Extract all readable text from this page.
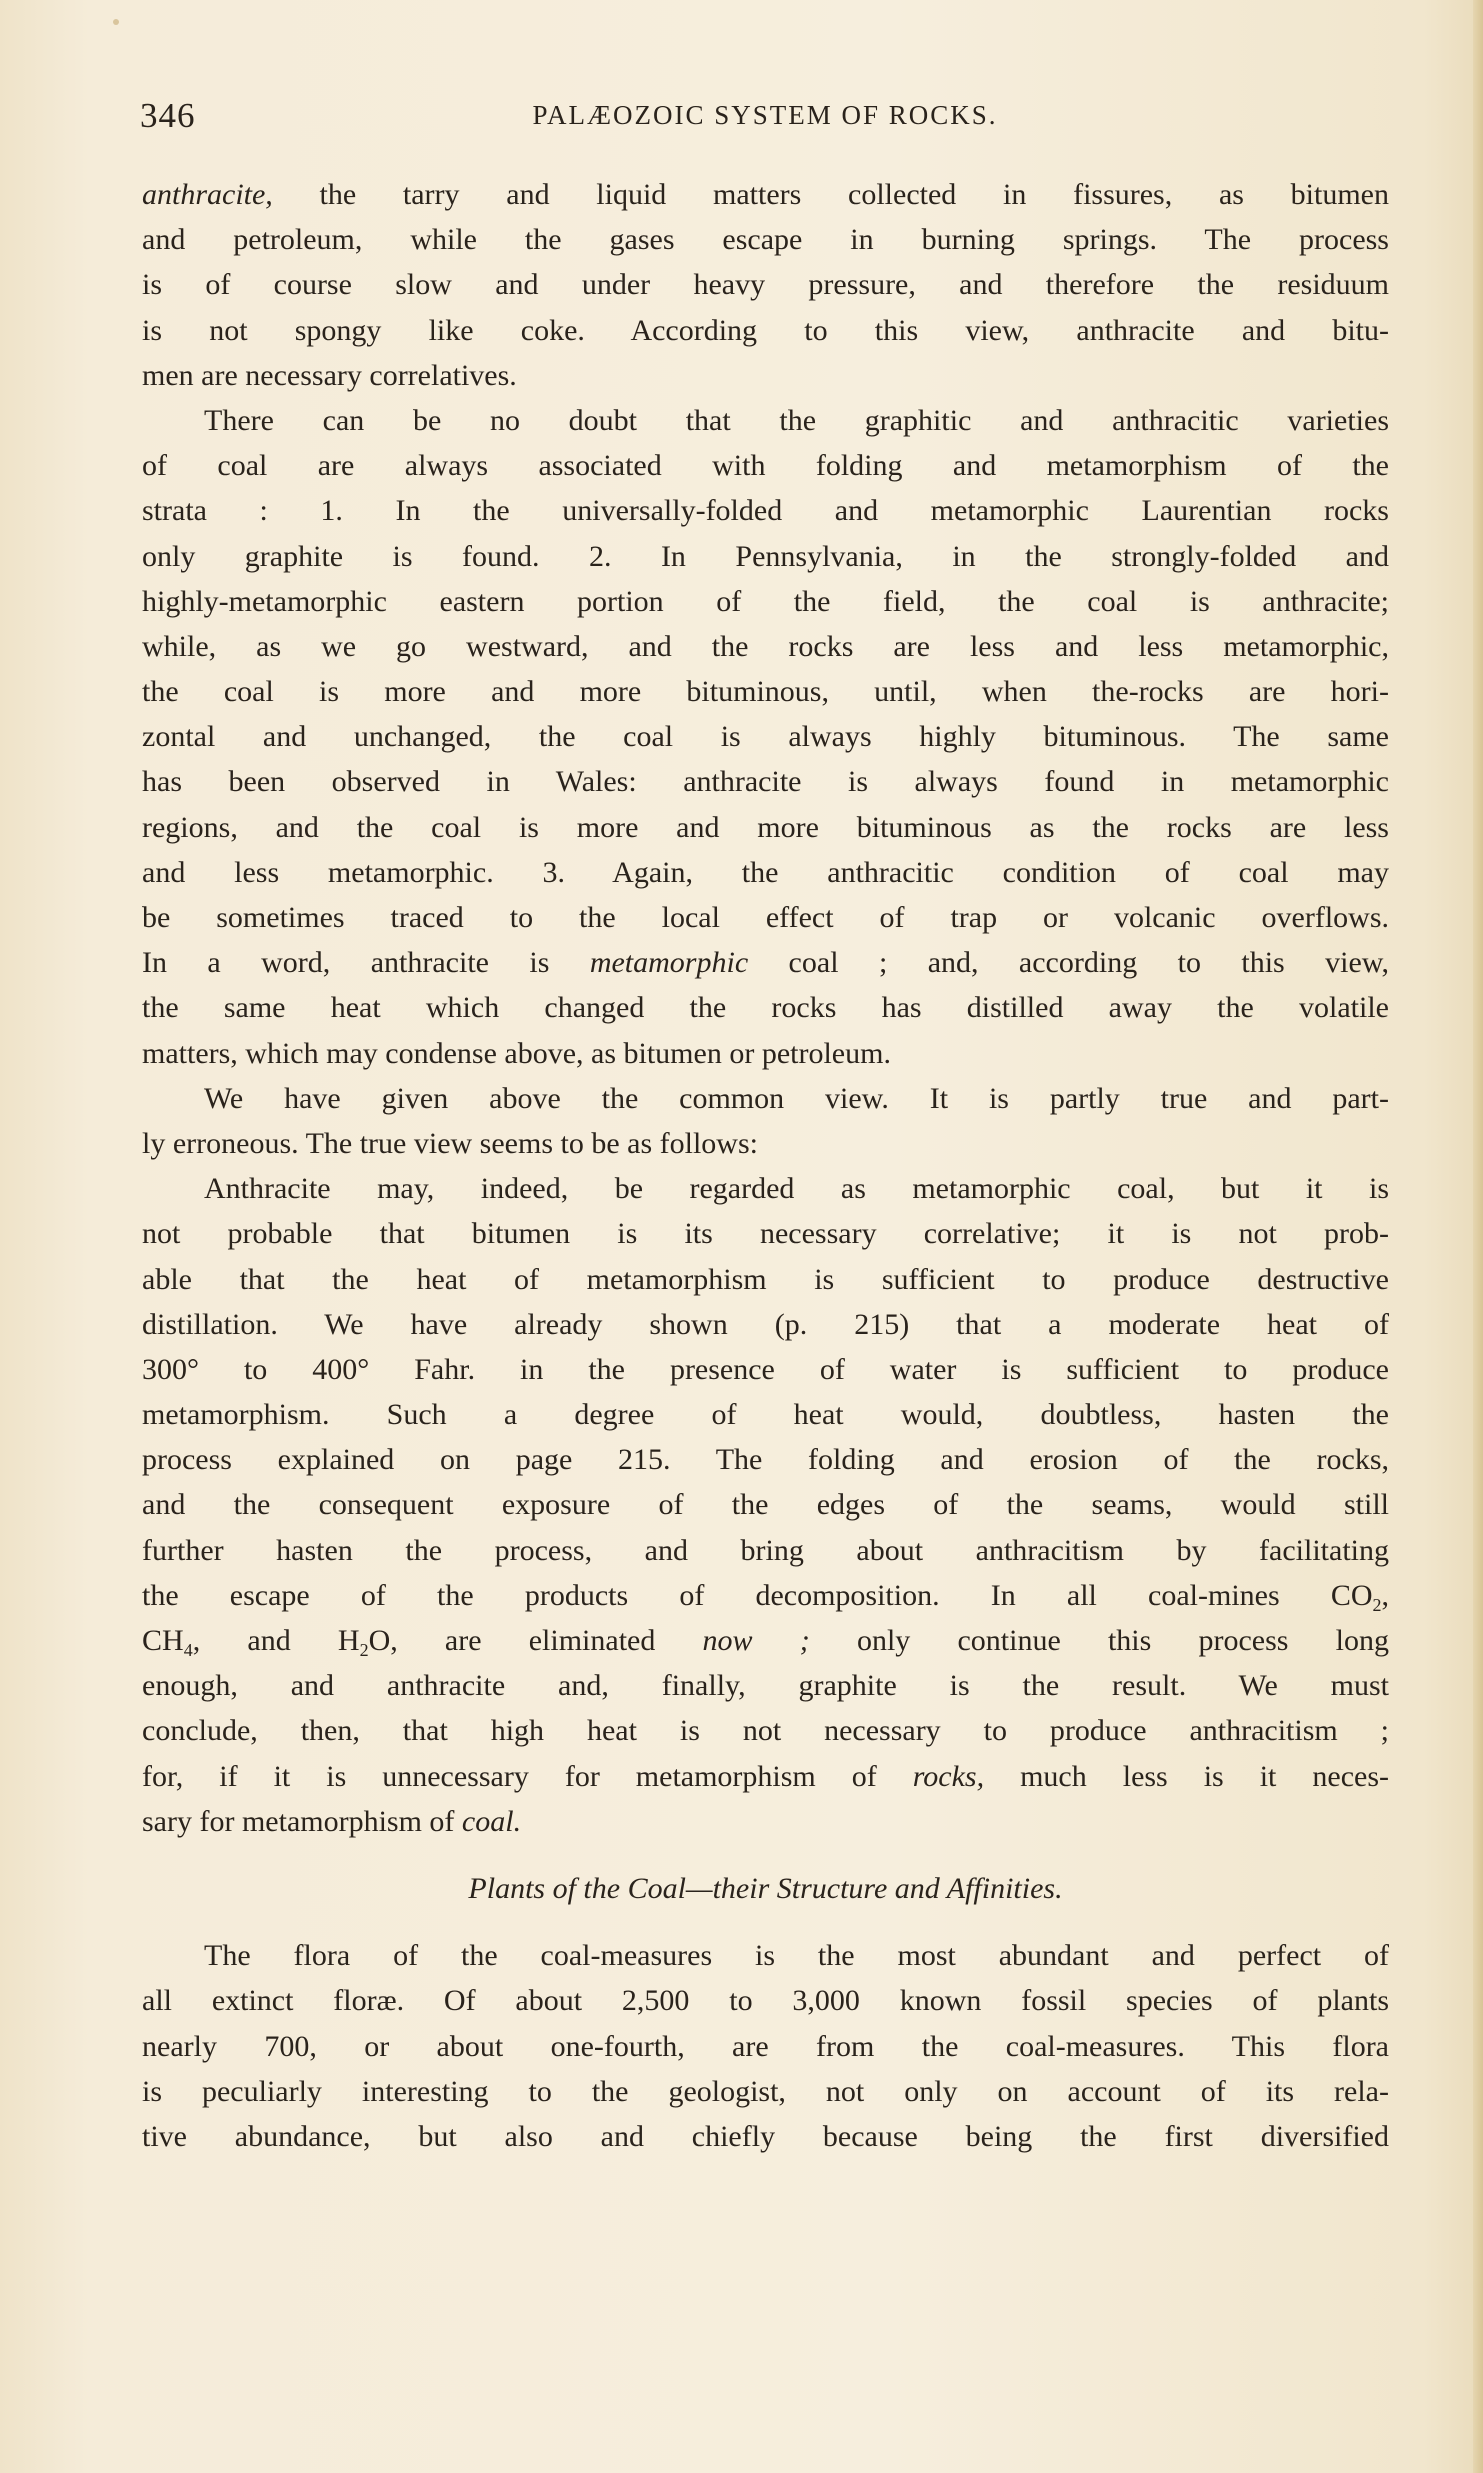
346	PALÆOZOIC SYSTEM OF ROCKS.
anthracite, the tarry and liquid matters collected in fissures, as bitumen
and petroleum, while the gases escape in burning springs. The process
is of course slow and under heavy pressure, and therefore the residuum
is not spongy like coke. According to this view, anthracite and bitu-
men are necessary correlatives.
There can be no doubt that the graphitic and anthracitic varieties
of coal are always associated with folding and metamorphism of the
strata : 1. In the universally-folded and metamorphic Laurentian rocks
only graphite is found. 2. In Pennsylvania, in the strongly-folded and
highly-metamorphic eastern portion of the field, the coal is anthracite;
while, as we go westward, and the rocks are less and less metamorphic,
the coal is more and more bituminous, until, when the-rocks are hori-
zontal and unchanged, the coal is always highly bituminous. The same
has been observed in Wales: anthracite is always found in metamorphic
regions, and the coal is more and more bituminous as the rocks are less
and less metamorphic. 3. Again, the anthracitic condition of coal may
be sometimes traced to the local effect of trap or volcanic overflows.
In a word, anthracite is metamorphic coal ; and, according to this view,
the same heat which changed the rocks has distilled away the volatile
matters, which may condense above, as bitumen or petroleum.
We have given above the common view. It is partly true and part-
ly erroneous. The true view seems to be as follows:
Anthracite may, indeed, be regarded as metamorphic coal, but it is
not probable that bitumen is its necessary correlative; it is not prob-
able that the heat of metamorphism is sufficient to produce destructive
distillation. We have already shown (p. 215) that a moderate heat of
300° to 400° Fahr. in the presence of water is sufficient to produce
metamorphism. Such a degree of heat would, doubtless, hasten the
process explained on page 215. The folding and erosion of the rocks,
and the consequent exposure of the edges of the seams, would still
further hasten the process, and bring about anthracitism by facilitating
the escape of the products of decomposition. In all coal-mines $CO_2$,
$CH_4$, and $H_2O$, are eliminated now ; only continue this process long
enough, and anthracite and, finally, graphite is the result. We must
conclude, then, that high heat is not necessary to produce anthracitism ;
for, if it is unnecessary for metamorphism of rocks, much less is it neces-
sary for metamorphism of coal.
Plants of the Coal—their Structure and Affinities.
The flora of the coal-measures is the most abundant and perfect of
all extinct floræ. Of about 2,500 to 3,000 known fossil species of plants
nearly 700, or about one-fourth, are from the coal-measures. This flora
is peculiarly interesting to the geologist, not only on account of its rela-
tive abundance, but also and chiefly because being the first diversified
